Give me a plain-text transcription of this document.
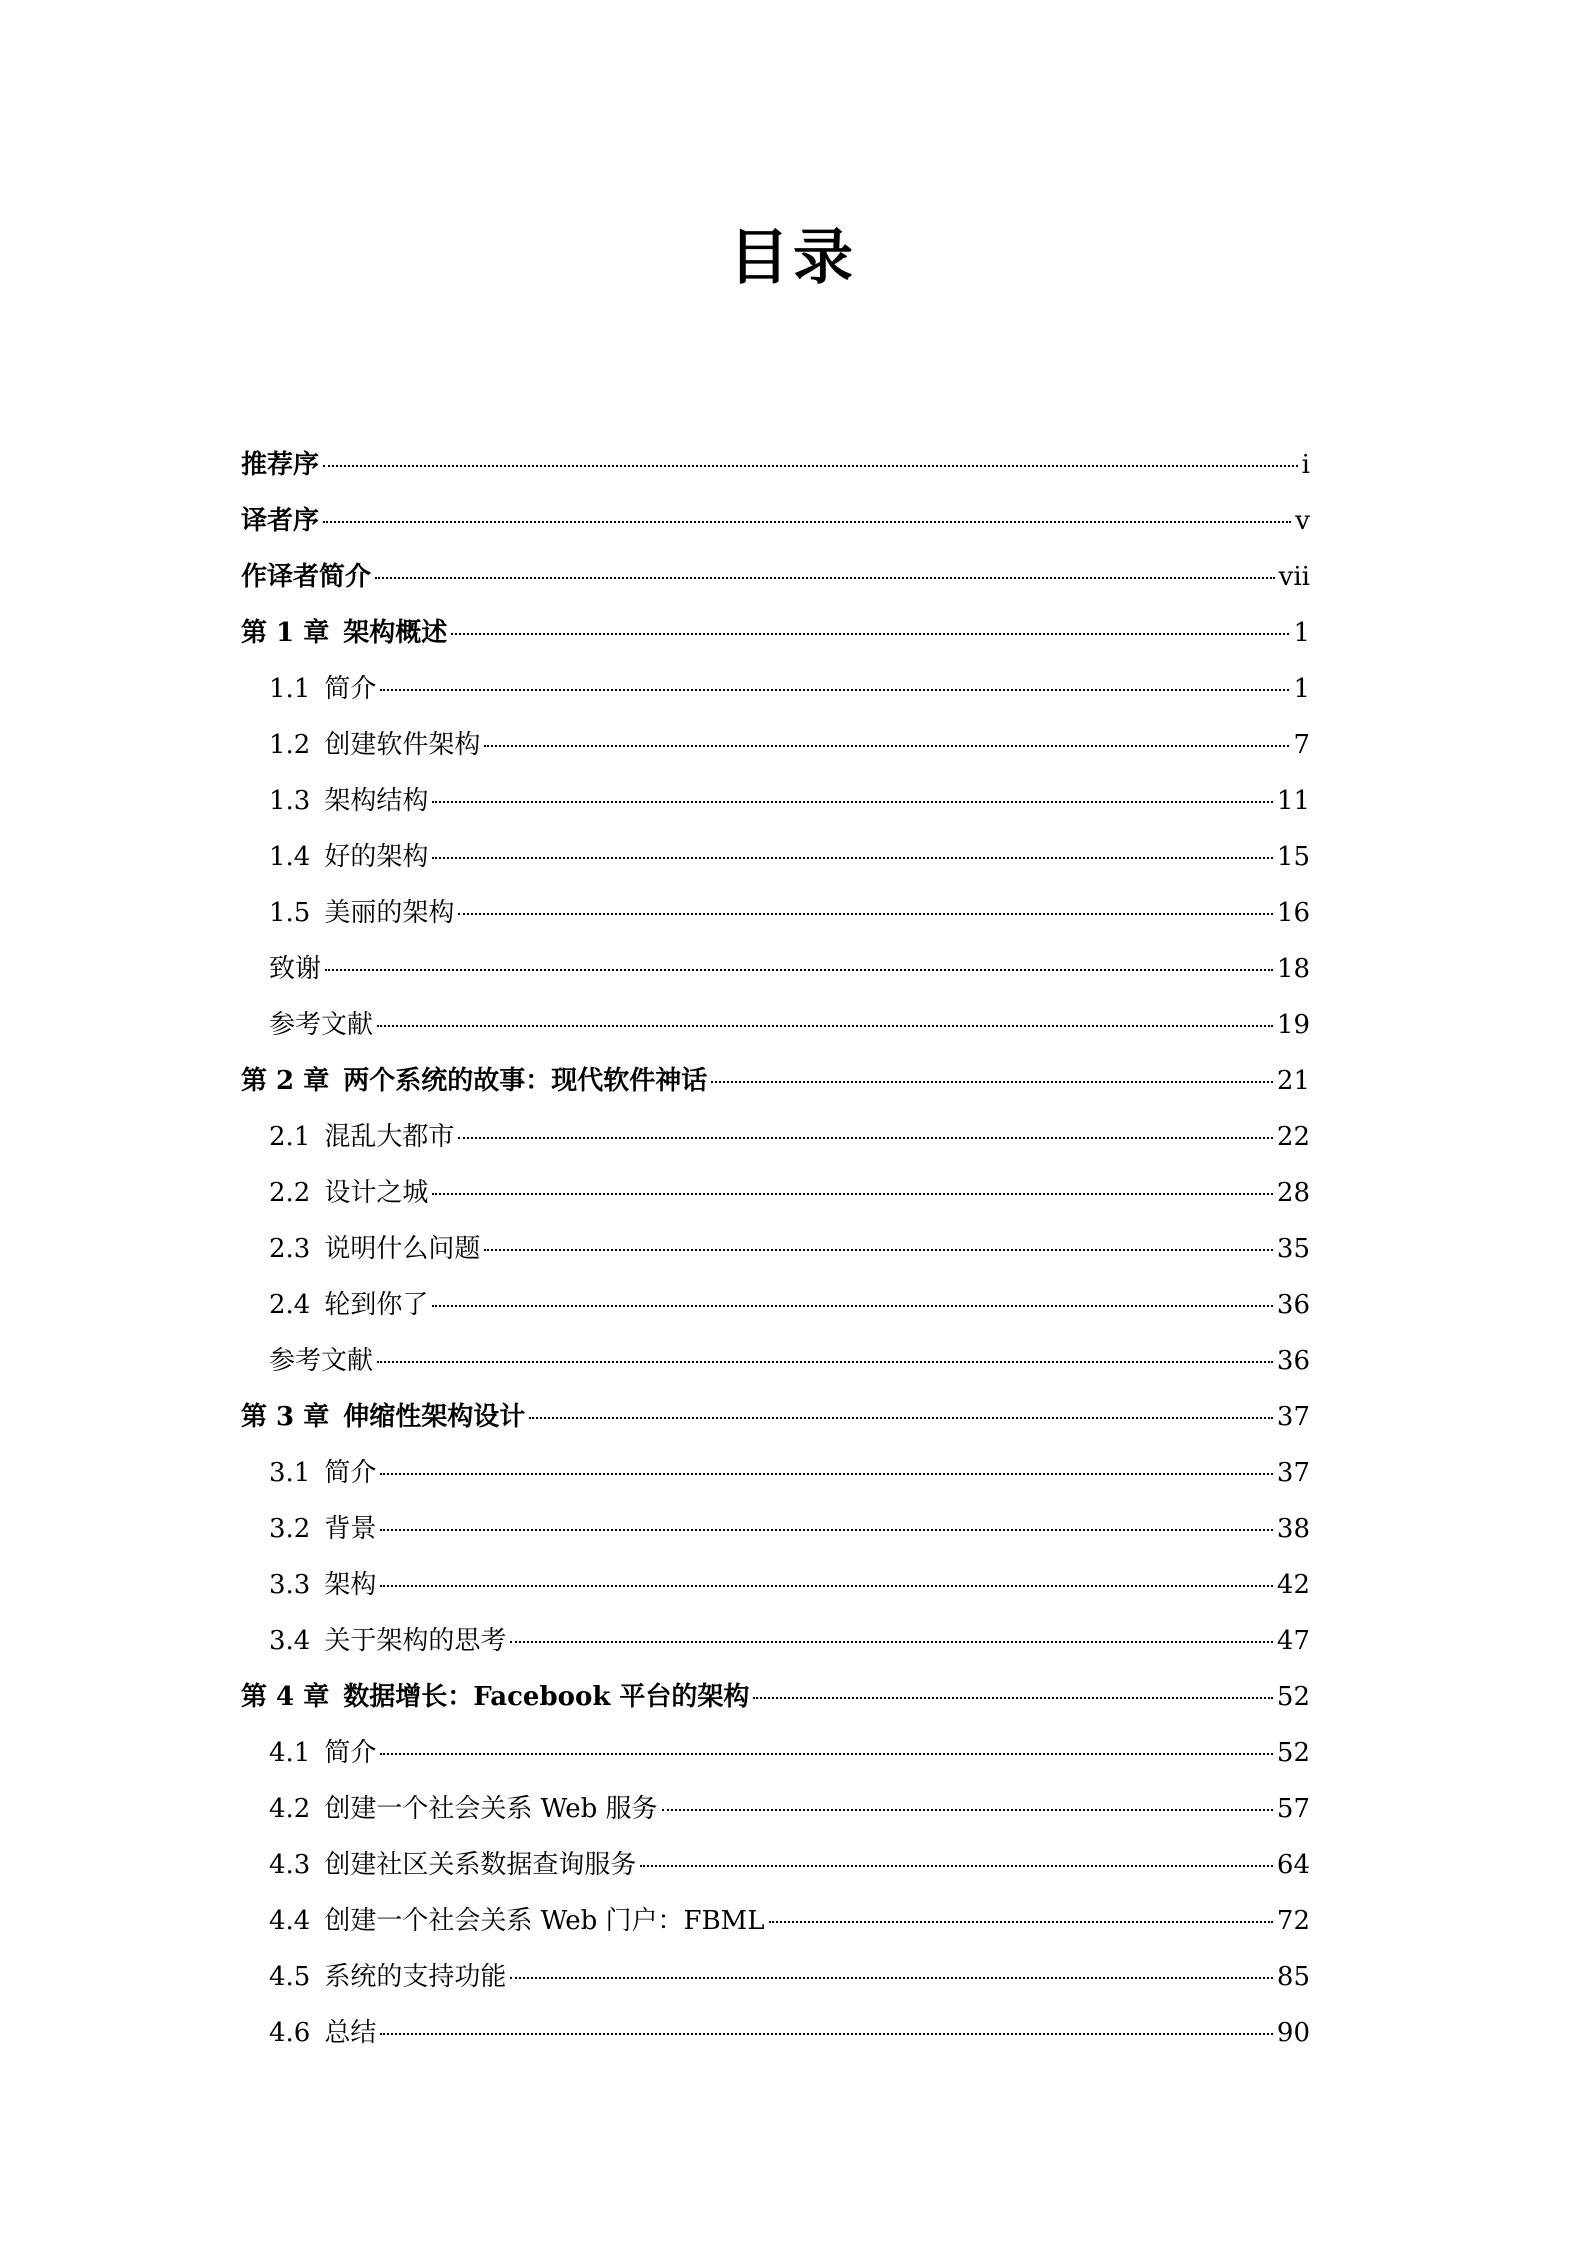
目录
推荐序	i
译者序	v
作译者简介	vii
第 1 章 架构概述	1
1.1 简介	1
1.2 创建软件架构	7
1.3 架构结构	11
1.4 好的架构	15
1.5 美丽的架构	16
致谢	18
参考文献	19
第 2 章 两个系统的故事：现代软件神话	21
2.1 混乱大都市	22
2.2 设计之城	28
2.3 说明什么问题	35
2.4 轮到你了	36
参考文献	36
第 3 章 伸缩性架构设计	37
3.1 简介	37
3.2 背景	38
3.3 架构	42
3.4 关于架构的思考	47
第 4 章 数据增长：Facebook 平台的架构	52
4.1 简介	52
4.2 创建一个社会关系 Web 服务	57
4.3 创建社区关系数据查询服务	64
4.4 创建一个社会关系 Web 门户：FBML	72
4.5 系统的支持功能	85
4.6 总结	90
